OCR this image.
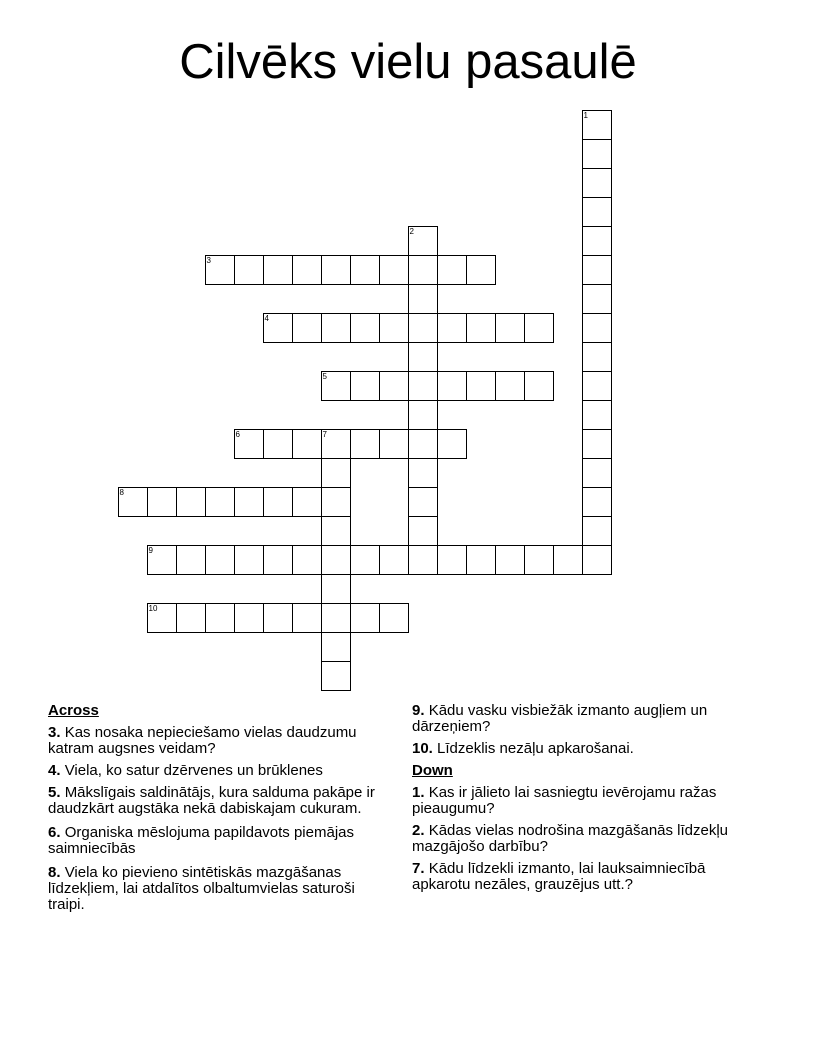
Cilvēks vielu pasaulē
1
2
3
4
5
6	7
8
9
10
Across
3. Kas nosaka nepieciešamo vielas daudzumu katram augsnes veidam?
4. Viela, ko satur dzērvenes un brūklenes
5. Mākslīgais saldinātājs, kura salduma pakāpe ir daudzkārt augstāka nekā dabiskajam cukuram.
6. Organiska mēslojuma papildavots piemājas saimniecībās
8. Viela ko pievieno sintētiskās mazgāšanas līdzekļiem, lai atdalītos olbaltumvielas saturoši traipi.
9. Kādu vasku visbiežāk izmanto augļiem un dārzeņiem?
10. Līdzeklis nezāļu apkarošanai.
Down
1. Kas ir jālieto lai sasniegtu ievērojamu ražas pieaugumu?
2. Kādas vielas nodrošina mazgāšanās līdzekļu mazgājošo darbību?
7. Kādu līdzekli izmanto, lai lauksaimniecībā apkarotu nezāles, grauzējus utt.?
